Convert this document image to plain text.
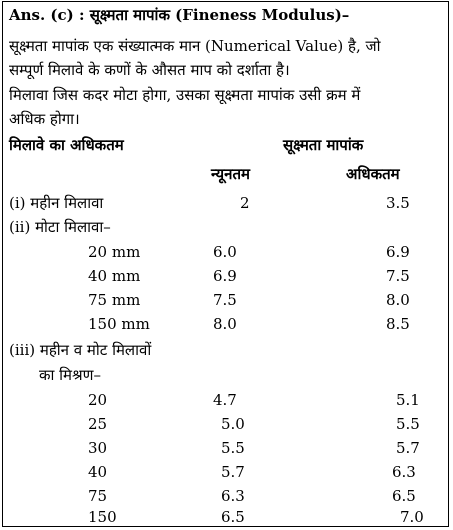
Ans. (c) : सूक्ष्मता मापांक (Fineness Modulus)–
सूक्ष्मता मापांक एक संख्यात्मक मान (Numerical Value) है, जो
सम्पूर्ण मिलावे के कणों के औसत माप को दर्शाता है।
मिलावा जिस कदर मोटा होगा, उसका सूक्ष्मता मापांक उसी क्रम में
अधिक होगा।
मिलावे का अधिकतम	सूक्ष्मता मापांक
न्यूनतम	अधिकतम
(i) महीन मिलावा	2	3.5
(ii) मोटा मिलावा–
20 mm	6.0	6.9
40 mm	6.9	7.5
75 mm	7.5	8.0
150 mm	8.0	8.5
(iii) महीन व मोट मिलावों
का मिश्रण–
20	4.7	5.1
25	5.0	5.5
30	5.5	5.7
40	5.7	6.3
75	6.3	6.5
150	6.5	7.0
